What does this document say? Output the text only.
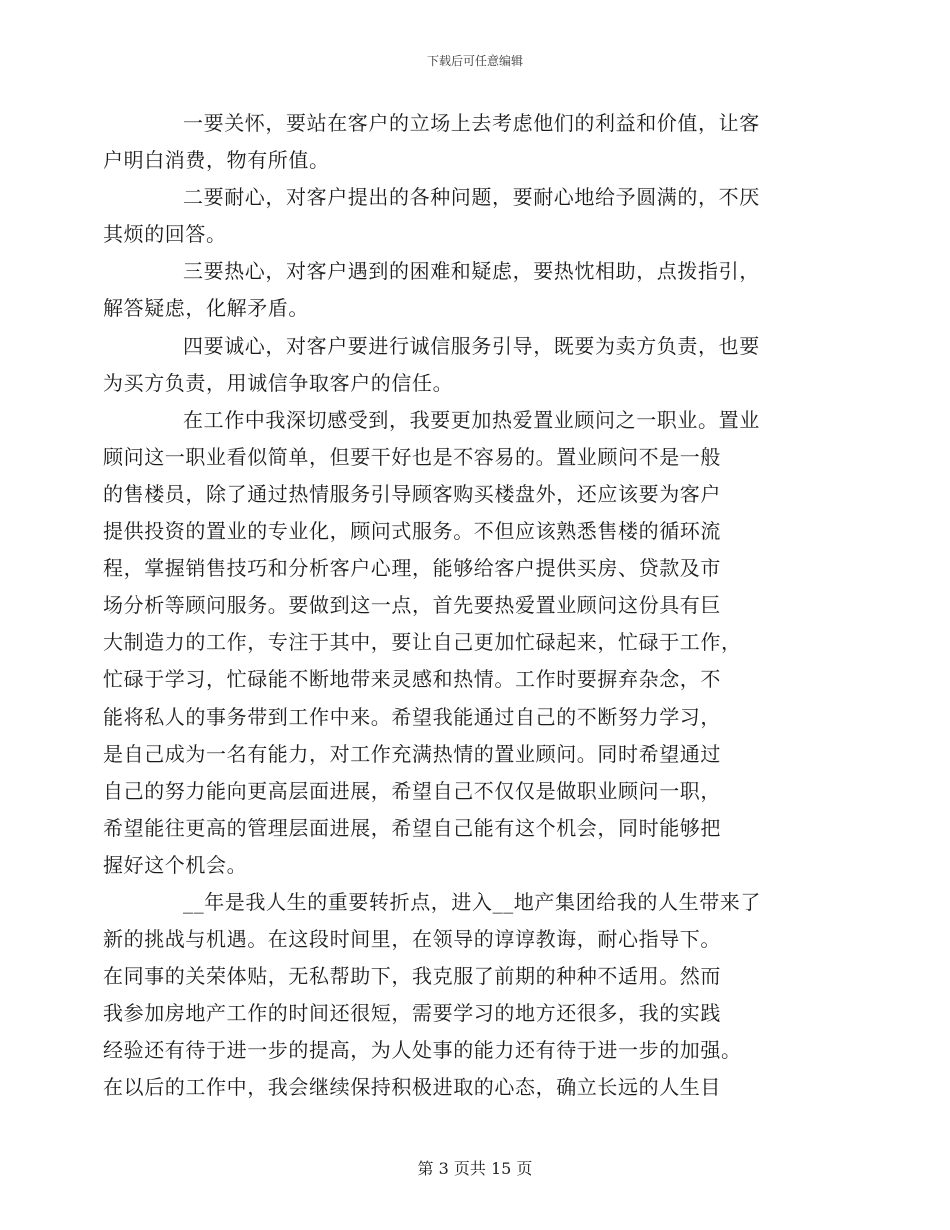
下载后可任意编辑
一要关怀，要站在客户的立场上去考虑他们的利益和价值，让客
户明白消费，物有所值。
二要耐心，对客户提出的各种问题，要耐心地给予圆满的，不厌
其烦的回答。
三要热心，对客户遇到的困难和疑虑，要热忱相助，点拨指引，
解答疑虑，化解矛盾。
四要诚心，对客户要进行诚信服务引导，既要为卖方负责，也要
为买方负责，用诚信争取客户的信任。
在工作中我深切感受到，我要更加热爱置业顾问之一职业。置业
顾问这一职业看似简单，但要干好也是不容易的。置业顾问不是一般
的售楼员，除了通过热情服务引导顾客购买楼盘外，还应该要为客户
提供投资的置业的专业化，顾问式服务。不但应该熟悉售楼的循环流
程，掌握销售技巧和分析客户心理，能够给客户提供买房、贷款及市
场分析等顾问服务。要做到这一点，首先要热爱置业顾问这份具有巨
大制造力的工作，专注于其中，要让自己更加忙碌起来，忙碌于工作，
忙碌于学习，忙碌能不断地带来灵感和热情。工作时要摒弃杂念，不
能将私人的事务带到工作中来。希望我能通过自己的不断努力学习，
是自己成为一名有能力，对工作充满热情的置业顾问。同时希望通过
自己的努力能向更高层面进展，希望自己不仅仅是做职业顾问一职，
希望能往更高的管理层面进展，希望自己能有这个机会，同时能够把
握好这个机会。
__年是我人生的重要转折点，进入__地产集团给我的人生带来了
新的挑战与机遇。在这段时间里，在领导的谆谆教诲，耐心指导下。
在同事的关荣体贴，无私帮助下，我克服了前期的种种不适用。然而
我参加房地产工作的时间还很短，需要学习的地方还很多，我的实践
经验还有待于进一步的提高，为人处事的能力还有待于进一步的加强。
在以后的工作中，我会继续保持积极进取的心态，确立长远的人生目
第 3 页共 15 页
